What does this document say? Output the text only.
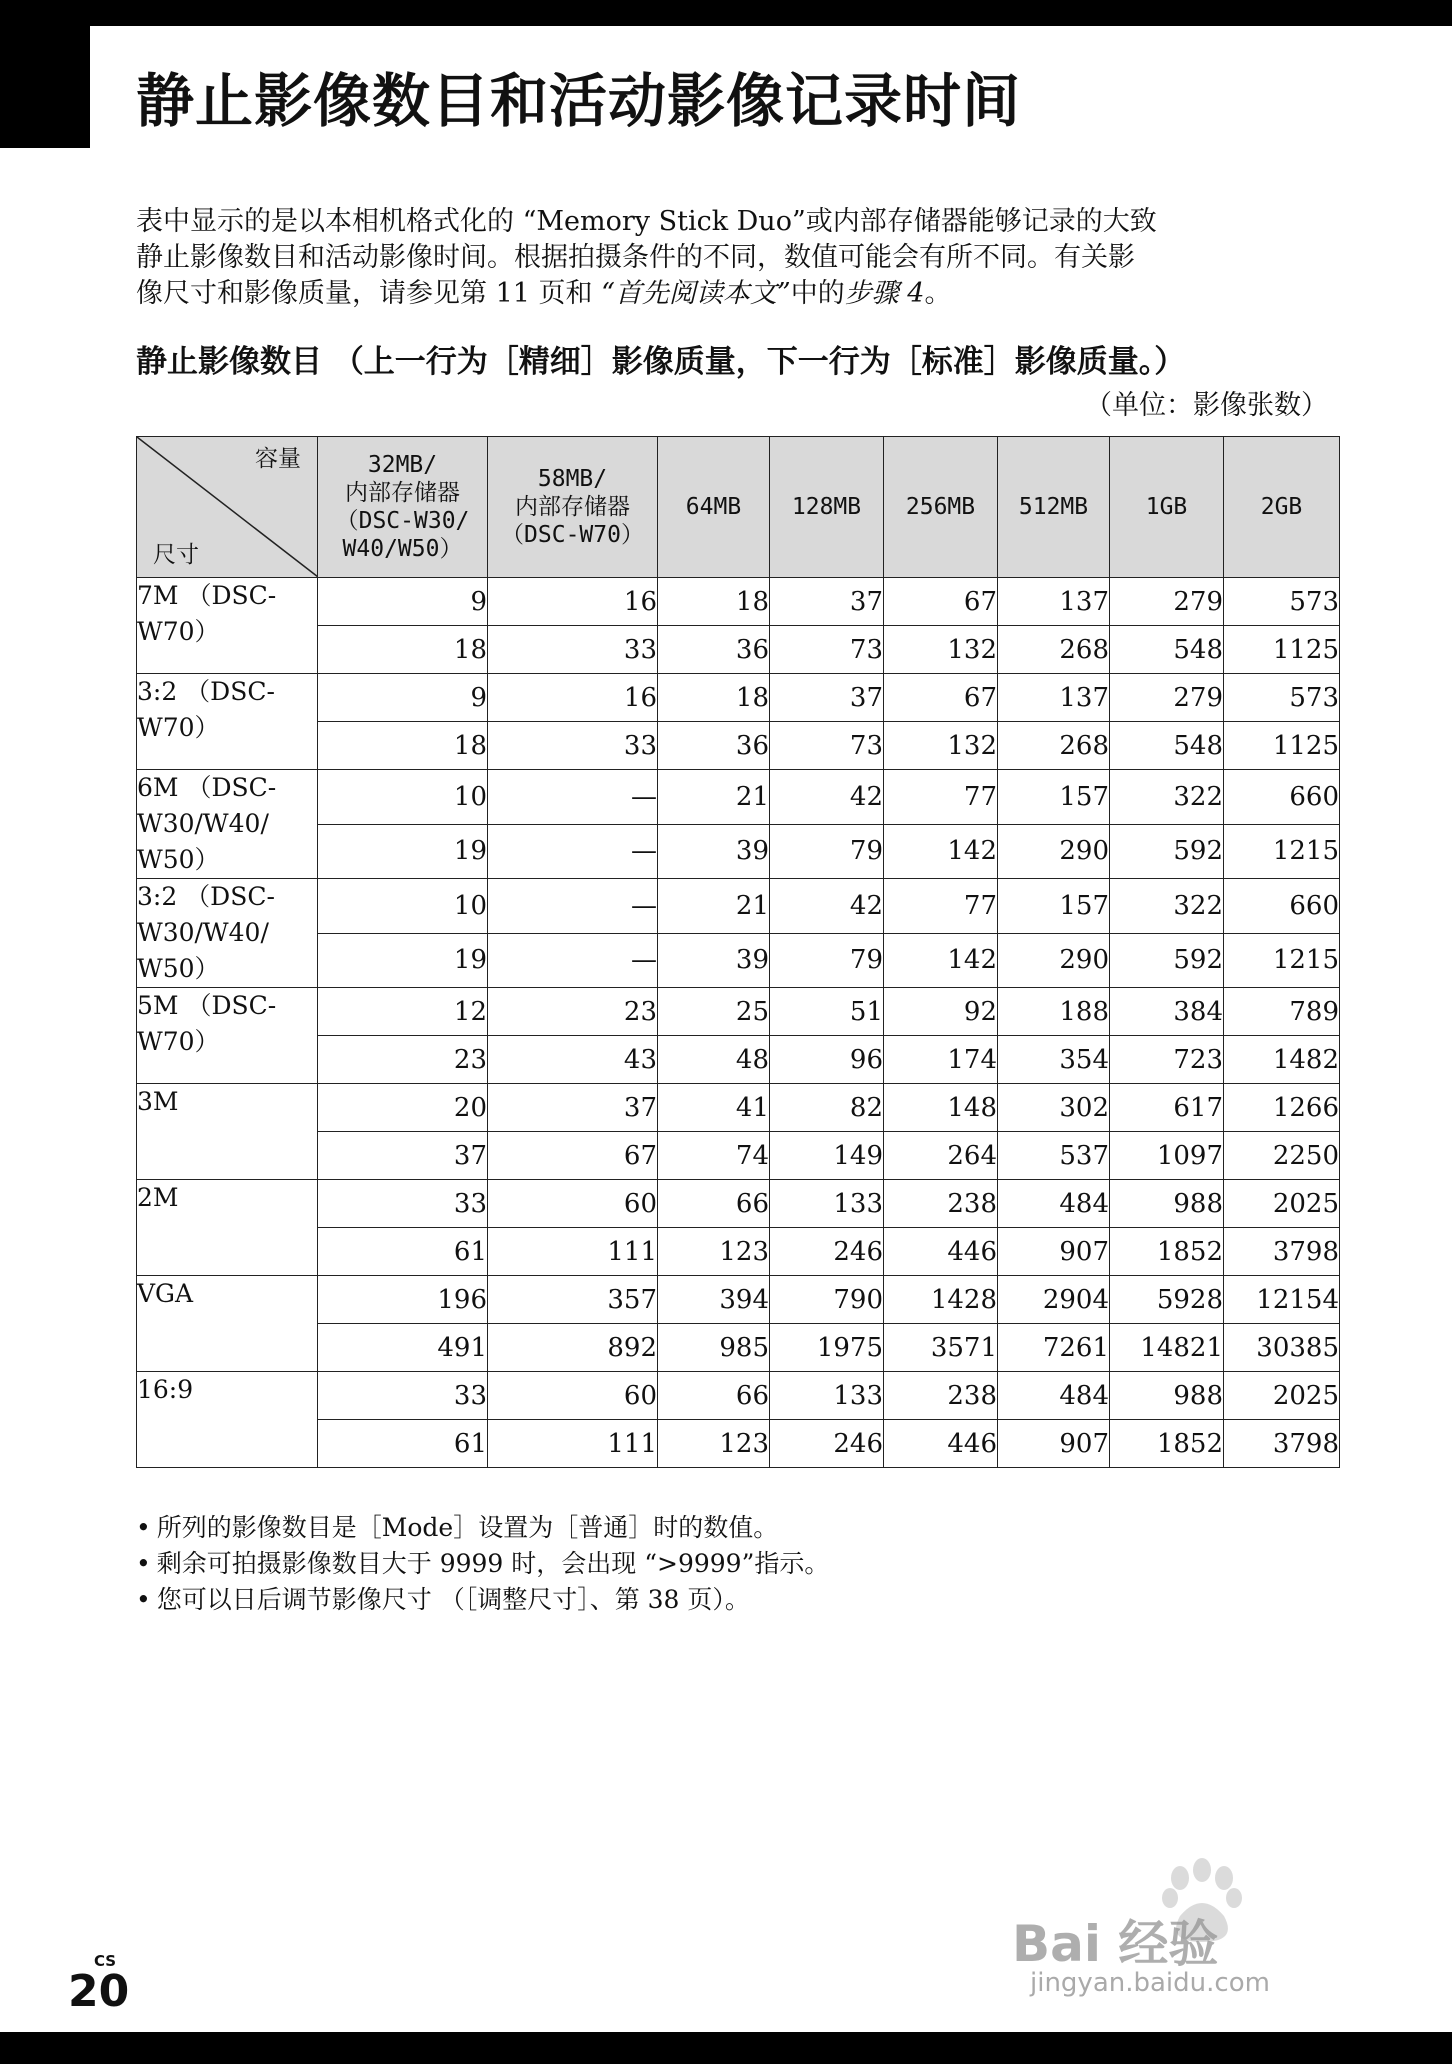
静止影像数目和活动影像记录时间

表中显示的是以本相机格式化的 “Memory Stick Duo”或内部存储器能够记录的大致
静止影像数目和活动影像时间。根据拍摄条件的不同，数值可能会有所不同。有关影
像尺寸和影像质量，请参见第 11 页和 “首先阅读本文”中的步骤 4。

静止影像数目 （上一行为［精细］影像质量，下一行为［标准］影像质量。）

（单位：影像张数）
容量
尺寸	32MB/
内部存储器
（DSC-W30/
W40/W50）	58MB/
内部存储器
（DSC-W70）	64MB	128MB	256MB	512MB	1GB	2GB
7M （DSC-
W70）	9	16	18	37	67	137	279	573
	18	33	36	73	132	268	548	1125
3:2 （DSC-
W70）	9	16	18	37	67	137	279	573
	18	33	36	73	132	268	548	1125
6M （DSC-
W30/W40/
W50）	10	—	21	42	77	157	322	660
	19	—	39	79	142	290	592	1215
3:2 （DSC-
W30/W40/
W50）	10	—	21	42	77	157	322	660
	19	—	39	79	142	290	592	1215
5M （DSC-
W70）	12	23	25	51	92	188	384	789
	23	43	48	96	174	354	723	1482
3M	20	37	41	82	148	302	617	1266
	37	67	74	149	264	537	1097	2250
2M	33	60	66	133	238	484	988	2025
	61	111	123	246	446	907	1852	3798
VGA	196	357	394	790	1428	2904	5928	12154
	491	892	985	1975	3571	7261	14821	30385
16:9	33	60	66	133	238	484	988	2025
	61	111	123	246	446	907	1852	3798
• 所列的影像数目是［Mode］设置为［普通］时的数值。
• 剩余可拍摄影像数目大于 9999 时，会出现 “>9999”指示。
• 您可以日后调节影像尺寸 （［调整尺寸］、第 38 页）。
CS
20
Bai 经验
jingyan.baidu.com
